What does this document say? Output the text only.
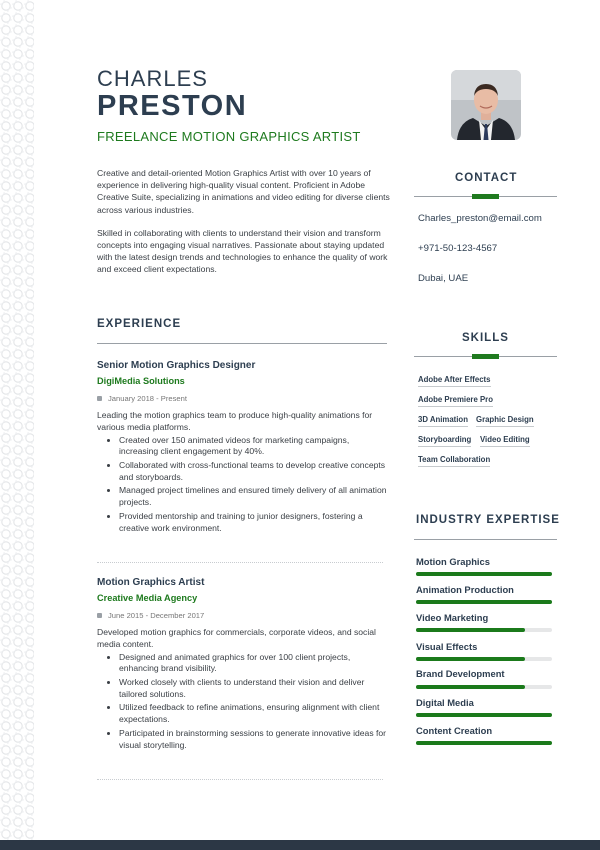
CHARLES
PRESTON
FREELANCE MOTION GRAPHICS ARTIST

Creative and detail-oriented Motion Graphics Artist with over 10 years of experience in delivering high-quality visual content. Proficient in Adobe Creative Suite, specializing in animations and video editing for diverse clients across various industries.

Skilled in collaborating with clients to understand their vision and transform concepts into engaging visual narratives. Passionate about staying updated with the latest design trends and technologies to enhance the quality of work and exceed client expectations.

EXPERIENCE
Senior Motion Graphics Designer
DigiMedia Solutions
January 2018 - Present
Leading the motion graphics team to produce high-quality animations for various media platforms.
• Created over 150 animated videos for marketing campaigns, increasing client engagement by 40%.
• Collaborated with cross-functional teams to develop creative concepts and storyboards.
• Managed project timelines and ensured timely delivery of all animation projects.
• Provided mentorship and training to junior designers, fostering a creative work environment.
Motion Graphics Artist
Creative Media Agency
June 2015 - December 2017
Developed motion graphics for commercials, corporate videos, and social media content.
• Designed and animated graphics for over 100 client projects, enhancing brand visibility.
• Worked closely with clients to understand their vision and deliver tailored solutions.
• Utilized feedback to refine animations, ensuring alignment with client expectations.
• Participated in brainstorming sessions to generate innovative ideas for visual storytelling.
CONTACT
Charles_preston@email.com
+971-50-123-4567
Dubai, UAE
SKILLS
Adobe After Effects
Adobe Premiere Pro
3D Animation Graphic Design
Storyboarding Video Editing
Team Collaboration
INDUSTRY EXPERTISE
Motion Graphics
Animation Production
Video Marketing
Visual Effects
Brand Development
Digital Media
Content Creation
